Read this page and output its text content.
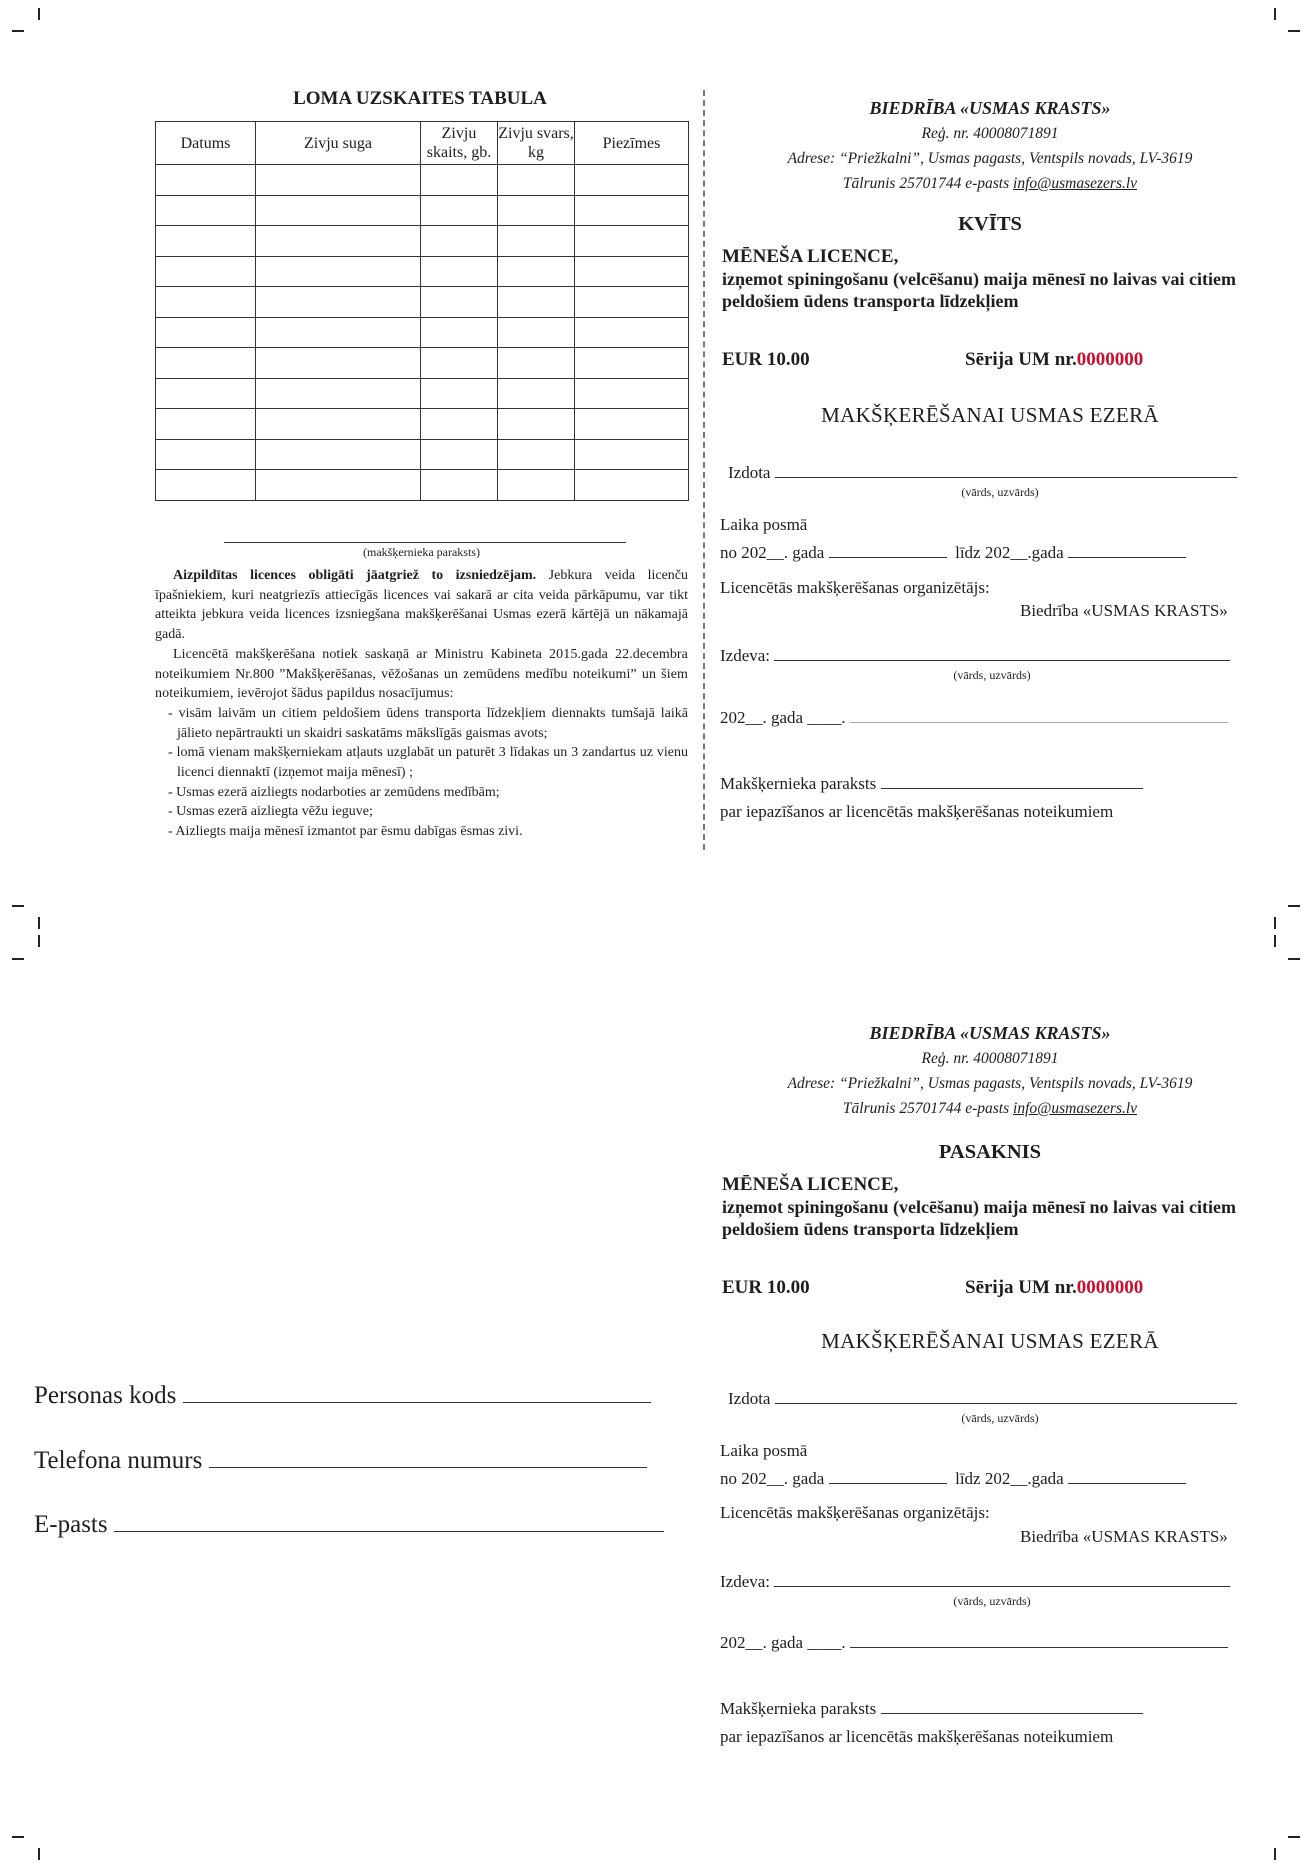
LOMA UZSKAITES TABULA
Datums	Zivju suga	Zivju skaits, gb.	Zivju svars, kg	Piezīmes

(makšķernieka paraksts)

Aizpildītas licences obligāti jāatgriež to izsniedzējam. Jebkura veida licenču īpašniekiem, kuri neatgriezīs attiecīgās licences vai sakarā ar cita veida pārkāpumu, var tikt atteikta jebkura veida licences izsniegšana makšķerēšanai Usmas ezerā kārtējā un nākamajā gadā.

Licencētā makšķerēšana notiek saskaņā ar Ministru Kabineta 2015.gada 22.decembra noteikumiem Nr.800 ”Makšķerēšanas, vēžošanas un zemūdens medību noteikumi” un šiem noteikumiem, ievērojot šādus papildus nosacījumus:

- visām laivām un citiem peldošiem ūdens transporta līdzekļiem diennakts tumšajā laikā jālieto nepārtraukti un skaidri saskatāms mākslīgās gaismas avots;
- lomā vienam makšķerniekam atļauts uzglabāt un paturēt 3 līdakas un 3 zandartus uz vienu licenci diennaktī (izņemot maija mēnesī) ;
- Usmas ezerā aizliegts nodarboties ar zemūdens medībām;
- Usmas ezerā aizliegta vēžu ieguve;
- Aizliegts maija mēnesī izmantot par ēsmu dabīgas ēsmas zivi.
BIEDRĪBA «USMAS KRASTS»
Reģ. nr. 40008071891
Adrese: “Priežkalni”, Usmas pagasts, Ventspils novads, LV-3619
Tālrunis 25701744 e-pasts info@usmasezers.lv
KVĪTS
MĒNEŠA LICENCE,
izņemot spiningošanu (velcēšanu) maija mēnesī no laivas vai citiem peldošiem ūdens transporta līdzekļiem
EUR 10.00	Sērija UM nr.0000000
MAKŠĶERĒŠANAI USMAS EZERĀ
Izdota
(vārds, uzvārds)
Laika posmā
no 202__. gada	līdz 202__.gada
Licencētās makšķerēšanas organizētājs:
Biedrība «USMAS KRASTS»
Izdeva:
(vārds, uzvārds)
202__. gada ____.
Makšķernieka paraksts
par iepazīšanos ar licencētās makšķerēšanas noteikumiem
BIEDRĪBA «USMAS KRASTS»
Reģ. nr. 40008071891
Adrese: “Priežkalni”, Usmas pagasts, Ventspils novads, LV-3619
Tālrunis 25701744 e-pasts info@usmasezers.lv
PASAKNIS
MĒNEŠA LICENCE,
izņemot spiningošanu (velcēšanu) maija mēnesī no laivas vai citiem peldošiem ūdens transporta līdzekļiem
EUR 10.00	Sērija UM nr.0000000
MAKŠĶERĒŠANAI USMAS EZERĀ
Izdota
(vārds, uzvārds)
Laika posmā
no 202__. gada	līdz 202__.gada
Licencētās makšķerēšanas organizētājs:
Biedrība «USMAS KRASTS»
Izdeva:
(vārds, uzvārds)
202__. gada ____.
Makšķernieka paraksts
par iepazīšanos ar licencētās makšķerēšanas noteikumiem
Personas kods
Telefona numurs
E-pasts
